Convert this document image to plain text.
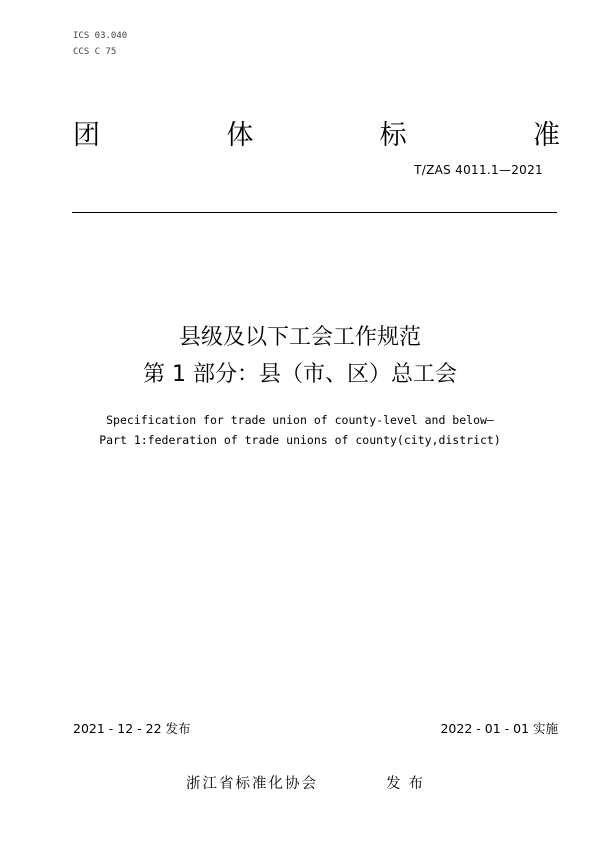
ICS 03.040
CCS C 75
团	体	标	准
T/ZAS 4011.1—2021
县级及以下工会工作规范
第 1 部分：县（市、区）总工会
Specification for trade union of county-level and below—
Part 1:federation of trade unions of county(city,district)
2021 - 12 - 22 发布	2022 - 01 - 01 实施
浙江省标准化协会	发布
